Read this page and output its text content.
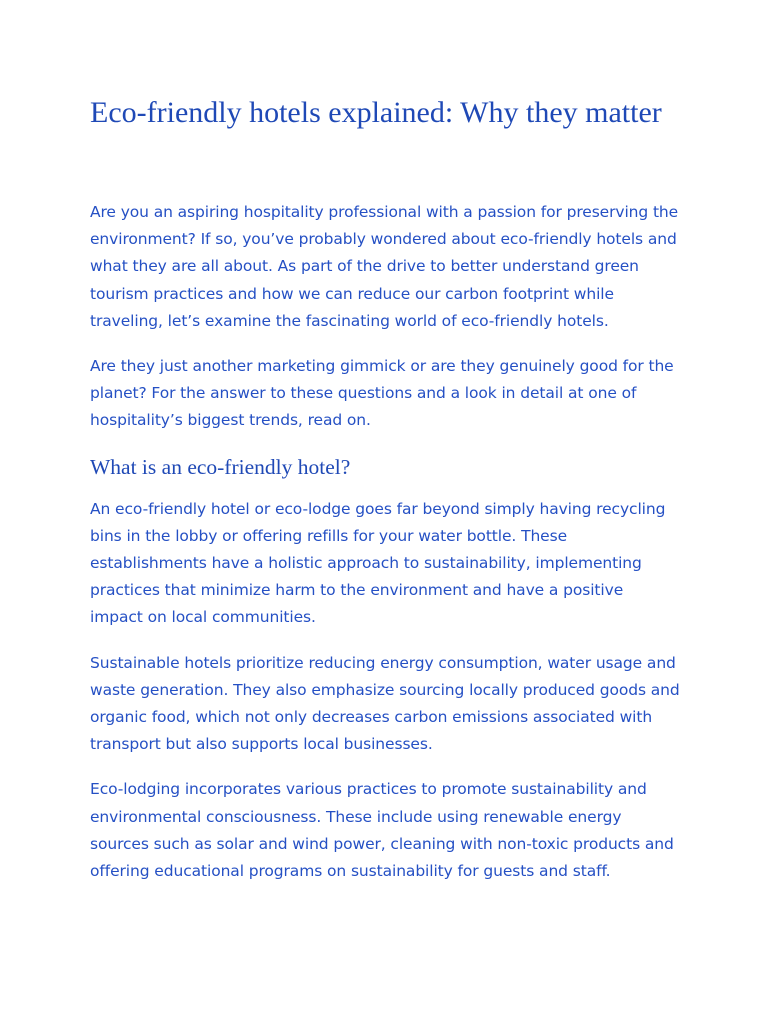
Eco-friendly hotels explained: Why they matter

Are you an aspiring hospitality professional with a passion for preserving the environment? If so, you’ve probably wondered about eco-friendly hotels and what they are all about. As part of the drive to better understand green tourism practices and how we can reduce our carbon footprint while traveling, let’s examine the fascinating world of eco-friendly hotels.

Are they just another marketing gimmick or are they genuinely good for the planet? For the answer to these questions and a look in detail at one of hospitality’s biggest trends, read on.

What is an eco-friendly hotel?

An eco-friendly hotel or eco-lodge goes far beyond simply having recycling bins in the lobby or offering refills for your water bottle. These establishments have a holistic approach to sustainability, implementing practices that minimize harm to the environment and have a positive impact on local communities.

Sustainable hotels prioritize reducing energy consumption, water usage and waste generation. They also emphasize sourcing locally produced goods and organic food, which not only decreases carbon emissions associated with transport but also supports local businesses.

Eco-lodging incorporates various practices to promote sustainability and environmental consciousness. These include using renewable energy sources such as solar and wind power, cleaning with non-toxic products and offering educational programs on sustainability for guests and staff.
